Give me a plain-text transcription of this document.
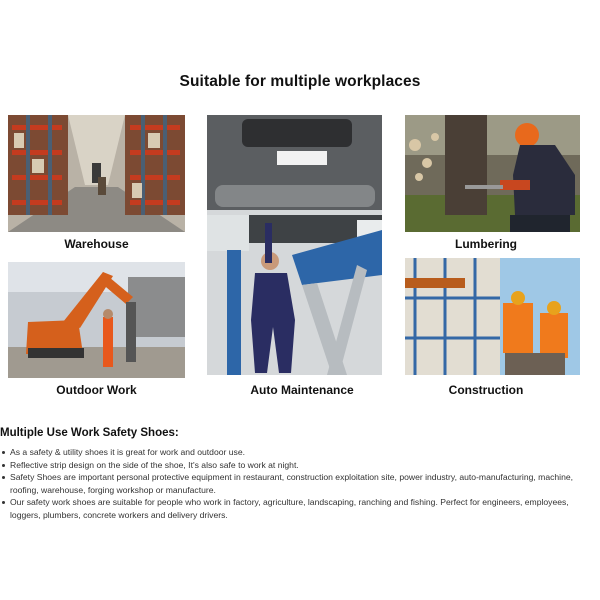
Suitable for multiple workplaces
Warehouse
Auto Maintenance
Lumbering
Outdoor Work	Construction
Multiple Use Work Safety Shoes:
As a safety & utility shoes it is great for work and outdoor use.
Reflective strip design on the side of the shoe, It's also safe to work at night.
Safety Shoes are important personal protective equipment in restaurant, construction exploitation site, power industry, auto-manufacturing, machine, roofing, warehouse, forging workshop or manufacture.
Our safety work shoes are suitable for people who work in factory, agriculture, landscaping, ranching and fishing. Perfect for engineers, employees, loggers, plumbers, concrete workers and delivery drivers.
